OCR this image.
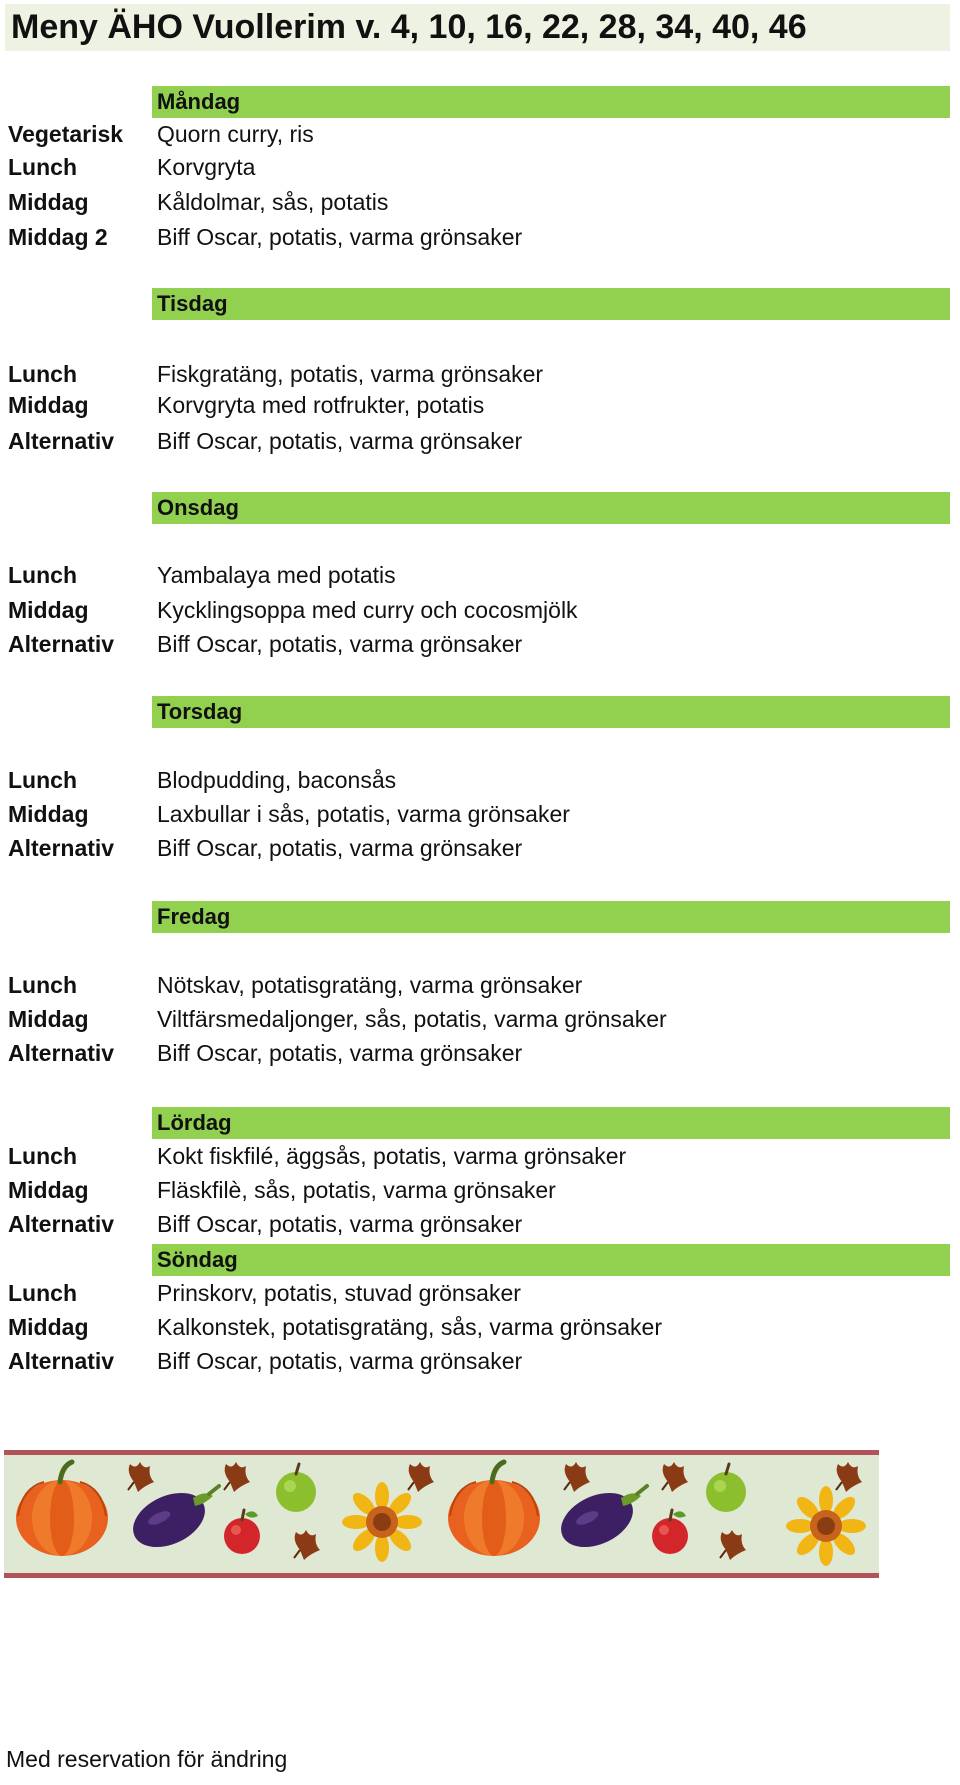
Meny ÄHO Vuollerim v. 4, 10, 16, 22, 28, 34, 40, 46
Måndag
Vegetarisk Quorn curry, ris
Lunch	Korvgryta
Middag	Kåldolmar, sås, potatis
Middag 2 Biff Oscar, potatis, varma grönsaker
Tisdag
Lunch	Fiskgratäng, potatis, varma grönsaker
Middag	Korvgryta med rotfrukter, potatis
Alternativ Biff Oscar, potatis, varma grönsaker
Onsdag
Lunch	Yambalaya med potatis
Middag	Kycklingsoppa med curry och cocosmjölk
Alternativ Biff Oscar, potatis, varma grönsaker
Torsdag
Lunch	Blodpudding, baconsås
Middag	Laxbullar i sås, potatis, varma grönsaker
Alternativ Biff Oscar, potatis, varma grönsaker
Fredag
Lunch	Nötskav, potatisgratäng, varma grönsaker
Middag	Viltfärsmedaljonger, sås, potatis, varma grönsaker
Alternativ Biff Oscar, potatis, varma grönsaker
Lördag
Lunch	Kokt fiskfilé, äggsås, potatis, varma grönsaker
Middag	Fläskfilè, sås, potatis, varma grönsaker
Alternativ Biff Oscar, potatis, varma grönsaker
Söndag
Lunch	Prinskorv, potatis, stuvad grönsaker
Middag	Kalkonstek, potatisgratäng, sås, varma grönsaker
Alternativ Biff Oscar, potatis, varma grönsaker
Med reservation för ändring
